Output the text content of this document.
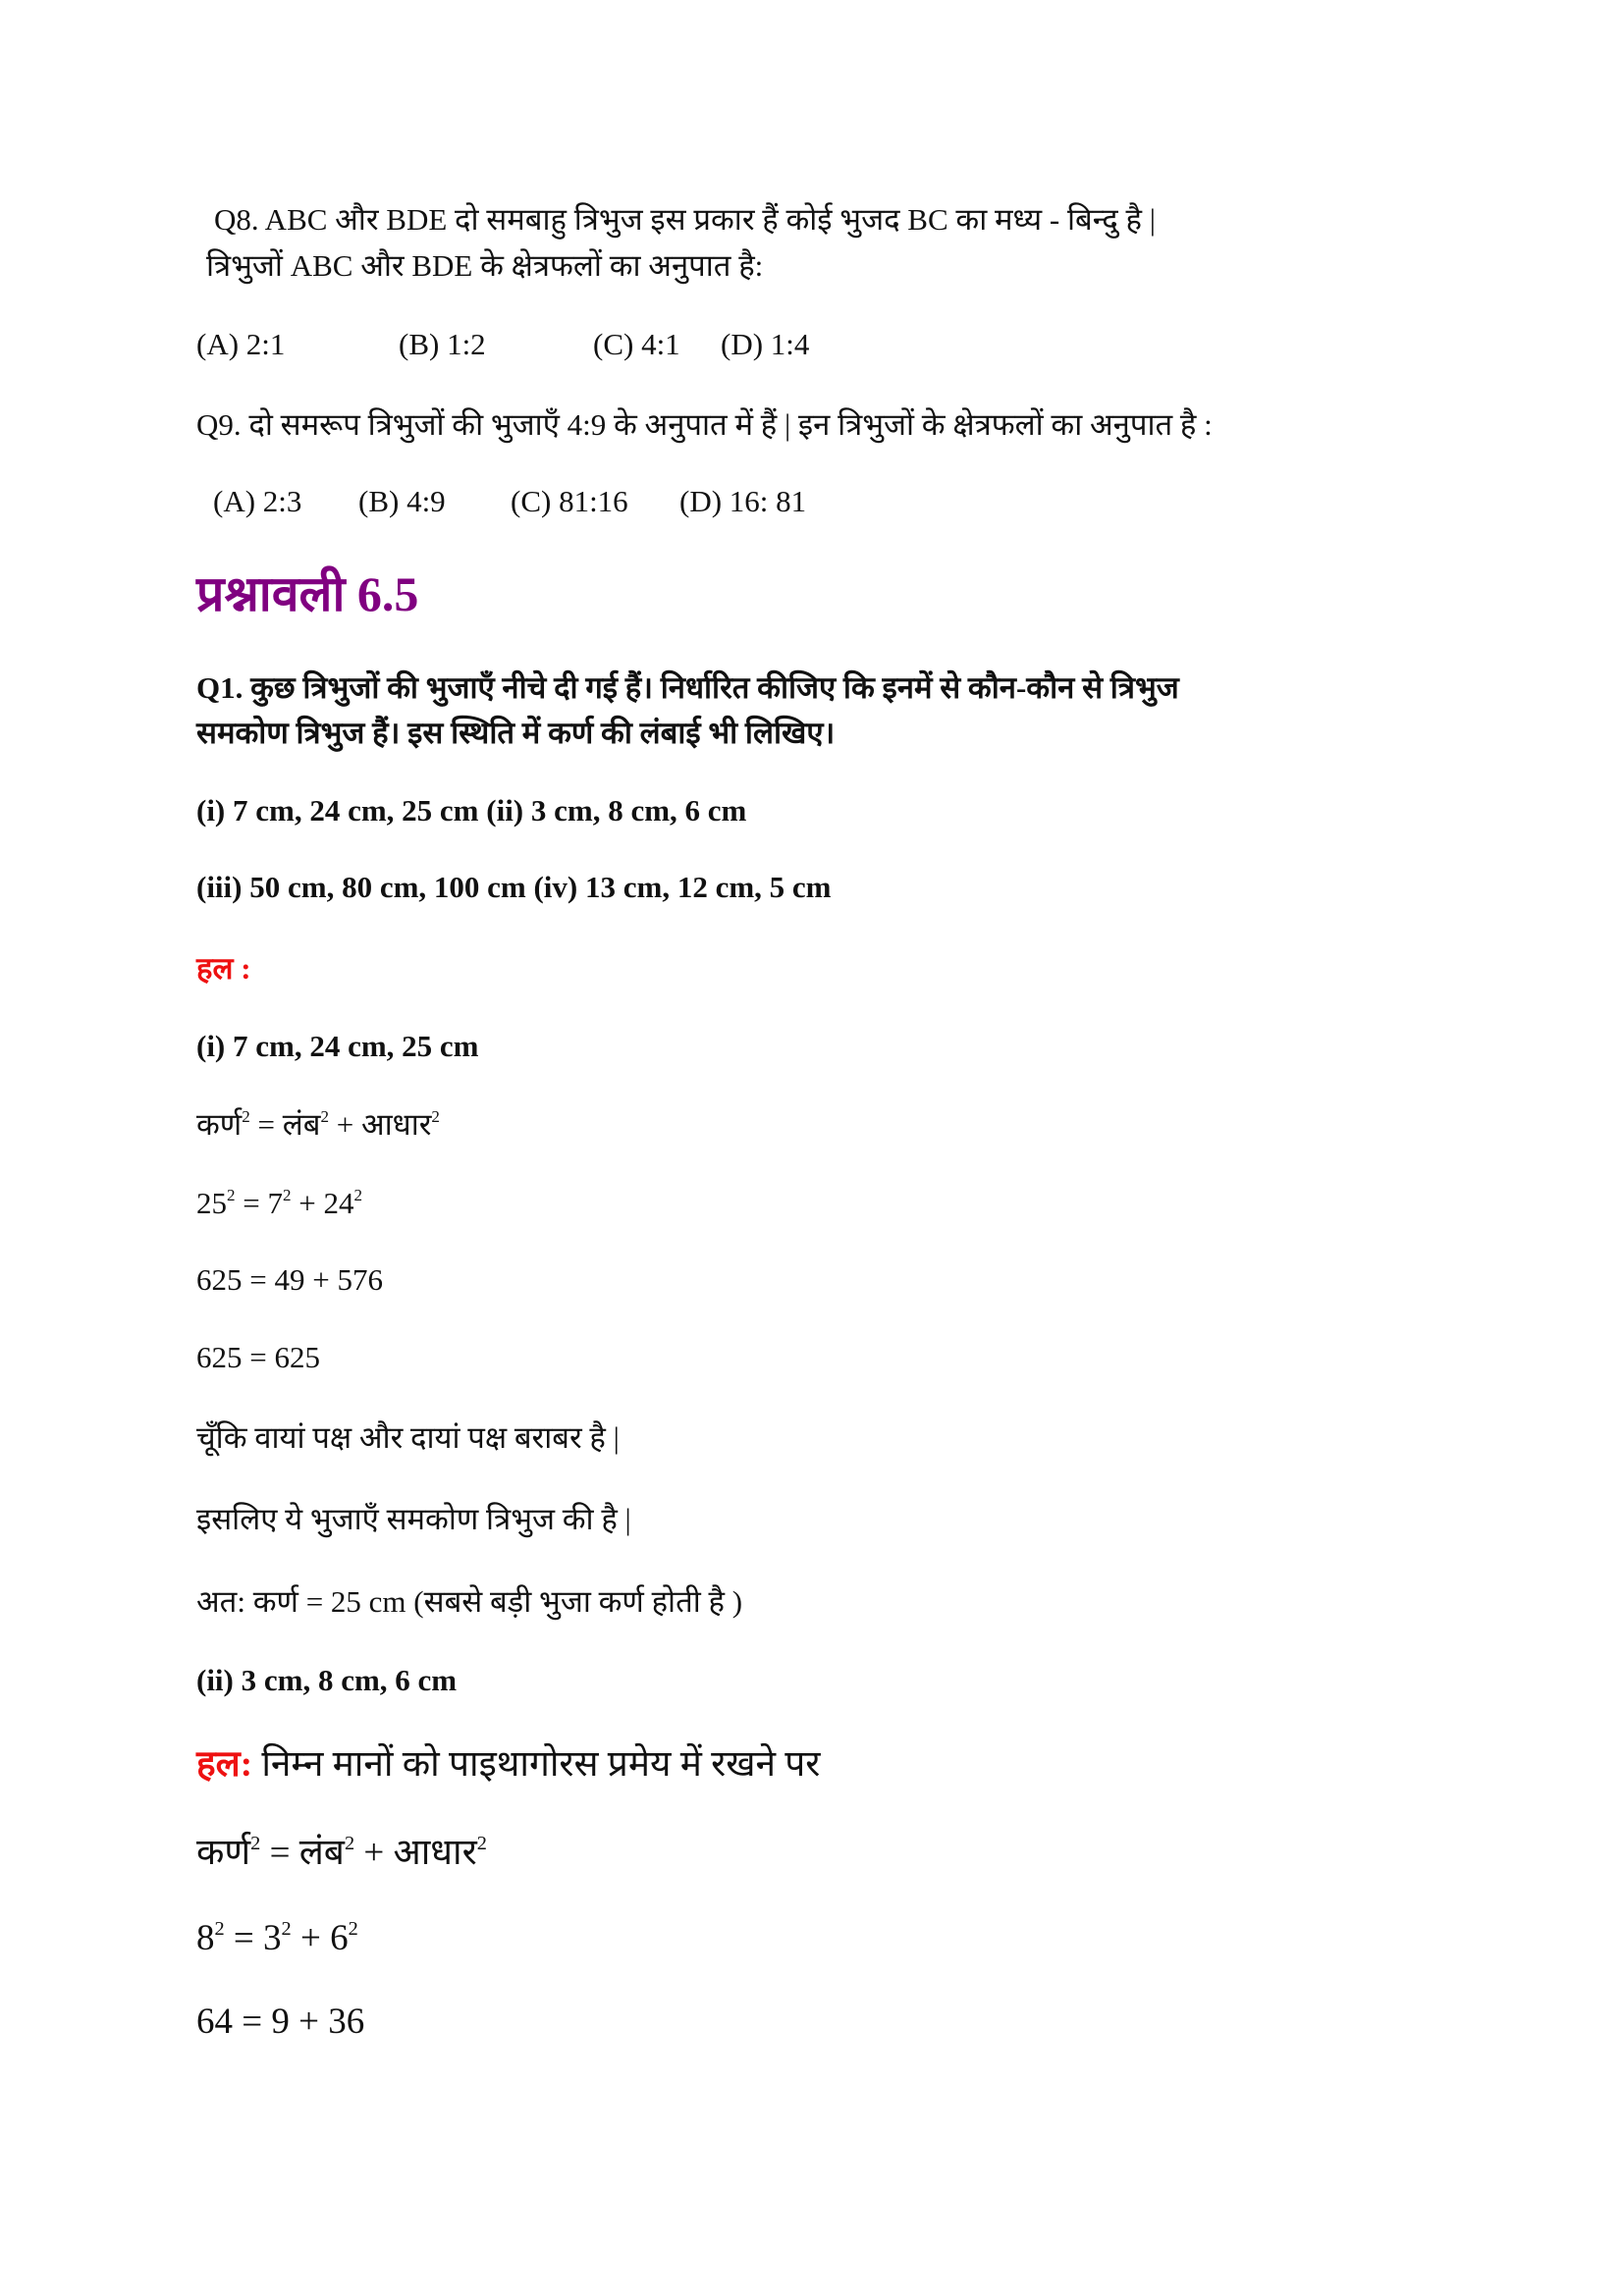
Q8. ABC और BDE दो समबाहु त्रिभुज इस प्रकार हैं कोई भुजद BC का मध्य - बिन्दु है |
त्रिभुजों ABC और BDE के क्षेत्रफलों का अनुपात है:
(A) 2:1	(B) 1:2	(C) 4:1 (D) 1:4
Q9. दो समरूप त्रिभुजों की भुजाएँ 4:9 के अनुपात में हैं | इन त्रिभुजों के क्षेत्रफलों का अनुपात है :
(A) 2:3 (B) 4:9 (C) 81:16 (D) 16: 81
प्रश्नावली 6.5
Q1. कुछ त्रिभुजों की भुजाएँ नीचे दी गई हैं। निर्धारित कीजिए कि इनमें से कौन-कौन से त्रिभुज
समकोण त्रिभुज हैं। इस स्थिति में कर्ण की लंबाई भी लिखिए।
(i) 7 cm, 24 cm, 25 cm (ii) 3 cm, 8 cm, 6 cm
(iii) 50 cm, 80 cm, 100 cm (iv) 13 cm, 12 cm, 5 cm
हल :
(i) 7 cm, 24 cm, 25 cm
कर्ण$^2$ = लंब$^2$ + आधार$^2$
$25^2 = 7^2 + 24^2$
625 = 49 + 576
625 = 625
चूँकि वायां पक्ष और दायां पक्ष बराबर है |
इसलिए ये भुजाएँ समकोण त्रिभुज की है |
अत: कर्ण = 25 cm (सबसे बड़ी भुजा कर्ण होती है )
(ii) 3 cm, 8 cm, 6 cm
हल: निम्न मानों को पाइथागोरस प्रमेय में रखने पर
कर्ण$^2$ = लंब$^2$ + आधार$^2$
$8^2 = 3^2 + 6^2$
64 = 9 + 36
